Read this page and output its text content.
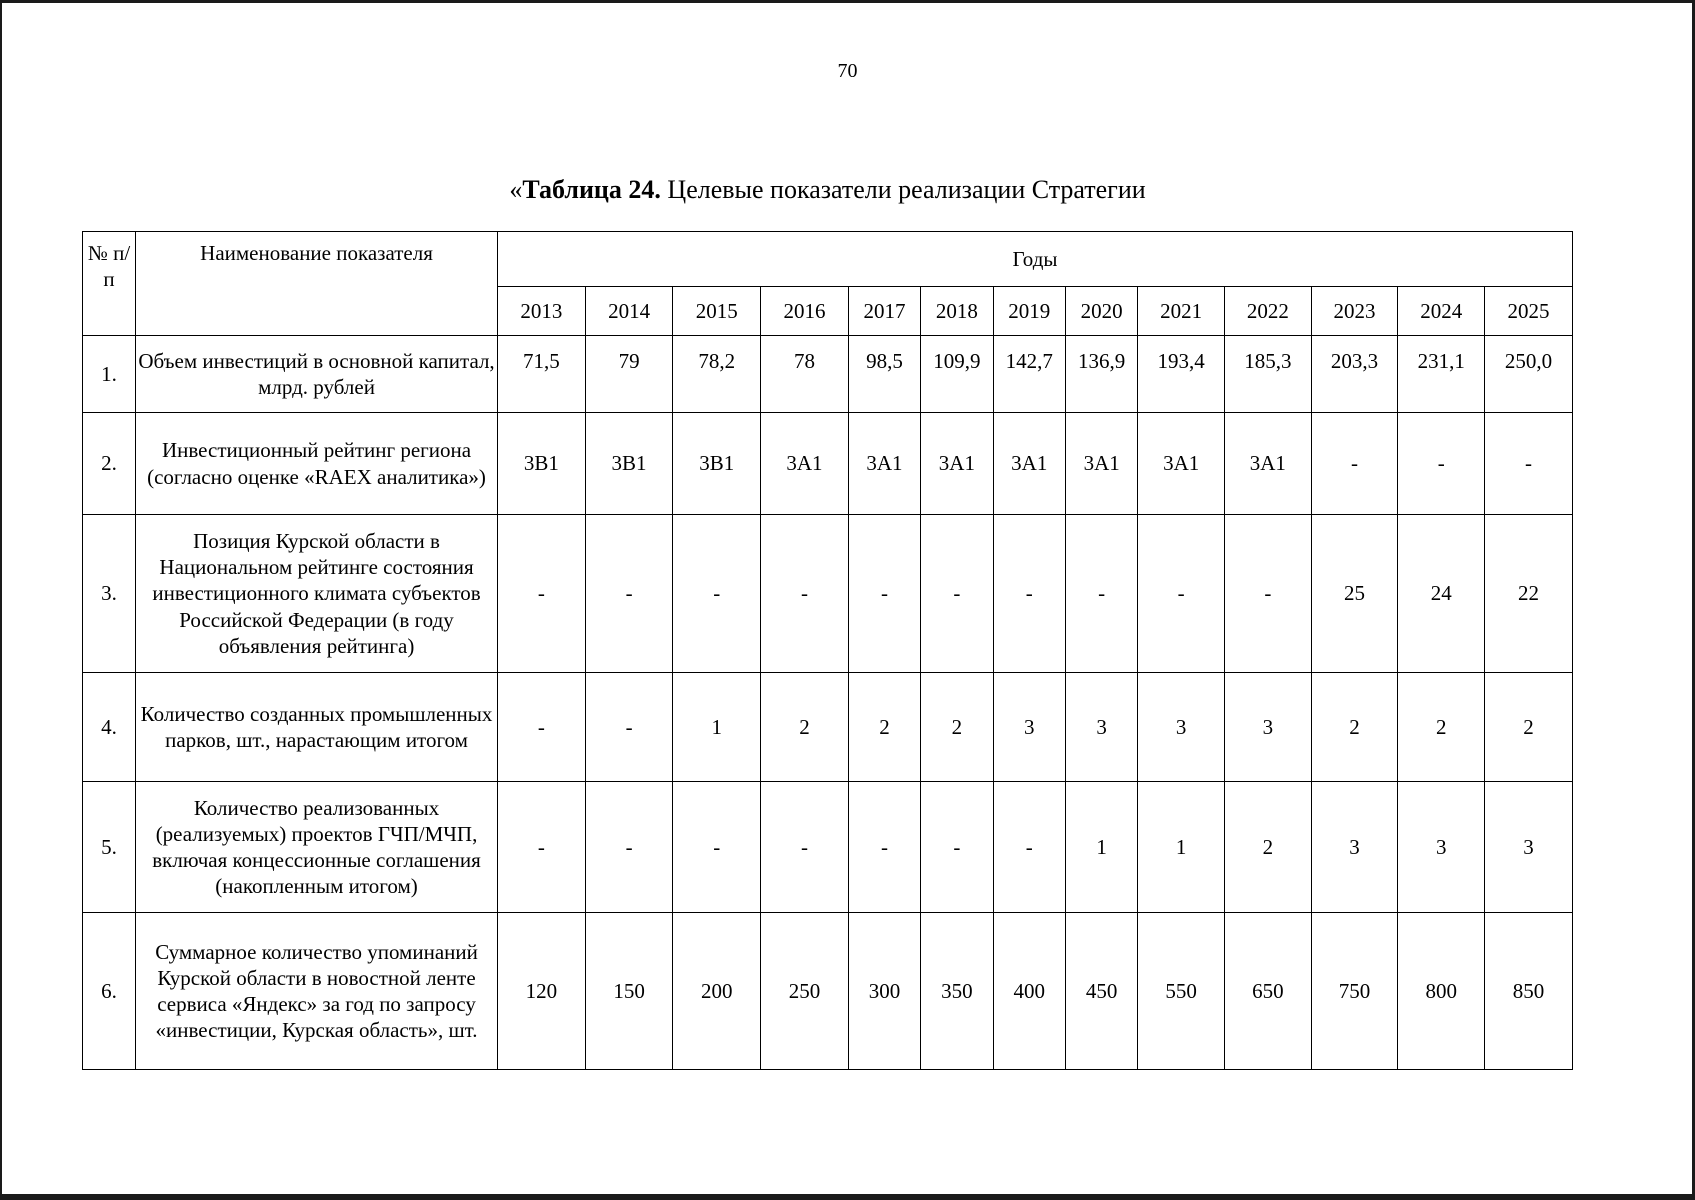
70
«Таблица 24. Целевые показатели реализации Стратегии
№ п/п	Наименование показателя	Годы												
		2013	2014	2015	2016	2017	2018	2019	2020	2021	2022	2023	2024	2025
1.	Объем инвестиций в основной капитал, млрд. рублей	71,5	79	78,2	78	98,5	109,9	142,7	136,9	193,4	185,3	203,3	231,1	250,0
2.	Инвестиционный рейтинг региона (согласно оценке «RAEX аналитика»)	3B1	3B1	3B1	3A1	3A1	3A1	3A1	3A1	3A1	3A1	-	-	-
3.	Позиция Курской области в Национальном рейтинге состояния инвестиционного климата субъектов Российской Федерации (в году объявления рейтинга)	-	-	-	-	-	-	-	-	-	-	25	24	22
4.	Количество созданных промышленных парков, шт., нарастающим итогом	-	-	1	2	2	2	3	3	3	3	2	2	2
5.	Количество реализованных (реализуемых) проектов ГЧП/МЧП, включая концессионные соглашения (накопленным итогом)	-	-	-	-	-	-	-	1	1	2	3	3	3
6.	Суммарное количество упоминаний Курской области в новостной ленте сервиса «Яндекс» за год по запросу «инвестиции, Курская область», шт.	120	150	200	250	300	350	400	450	550	650	750	800	850
